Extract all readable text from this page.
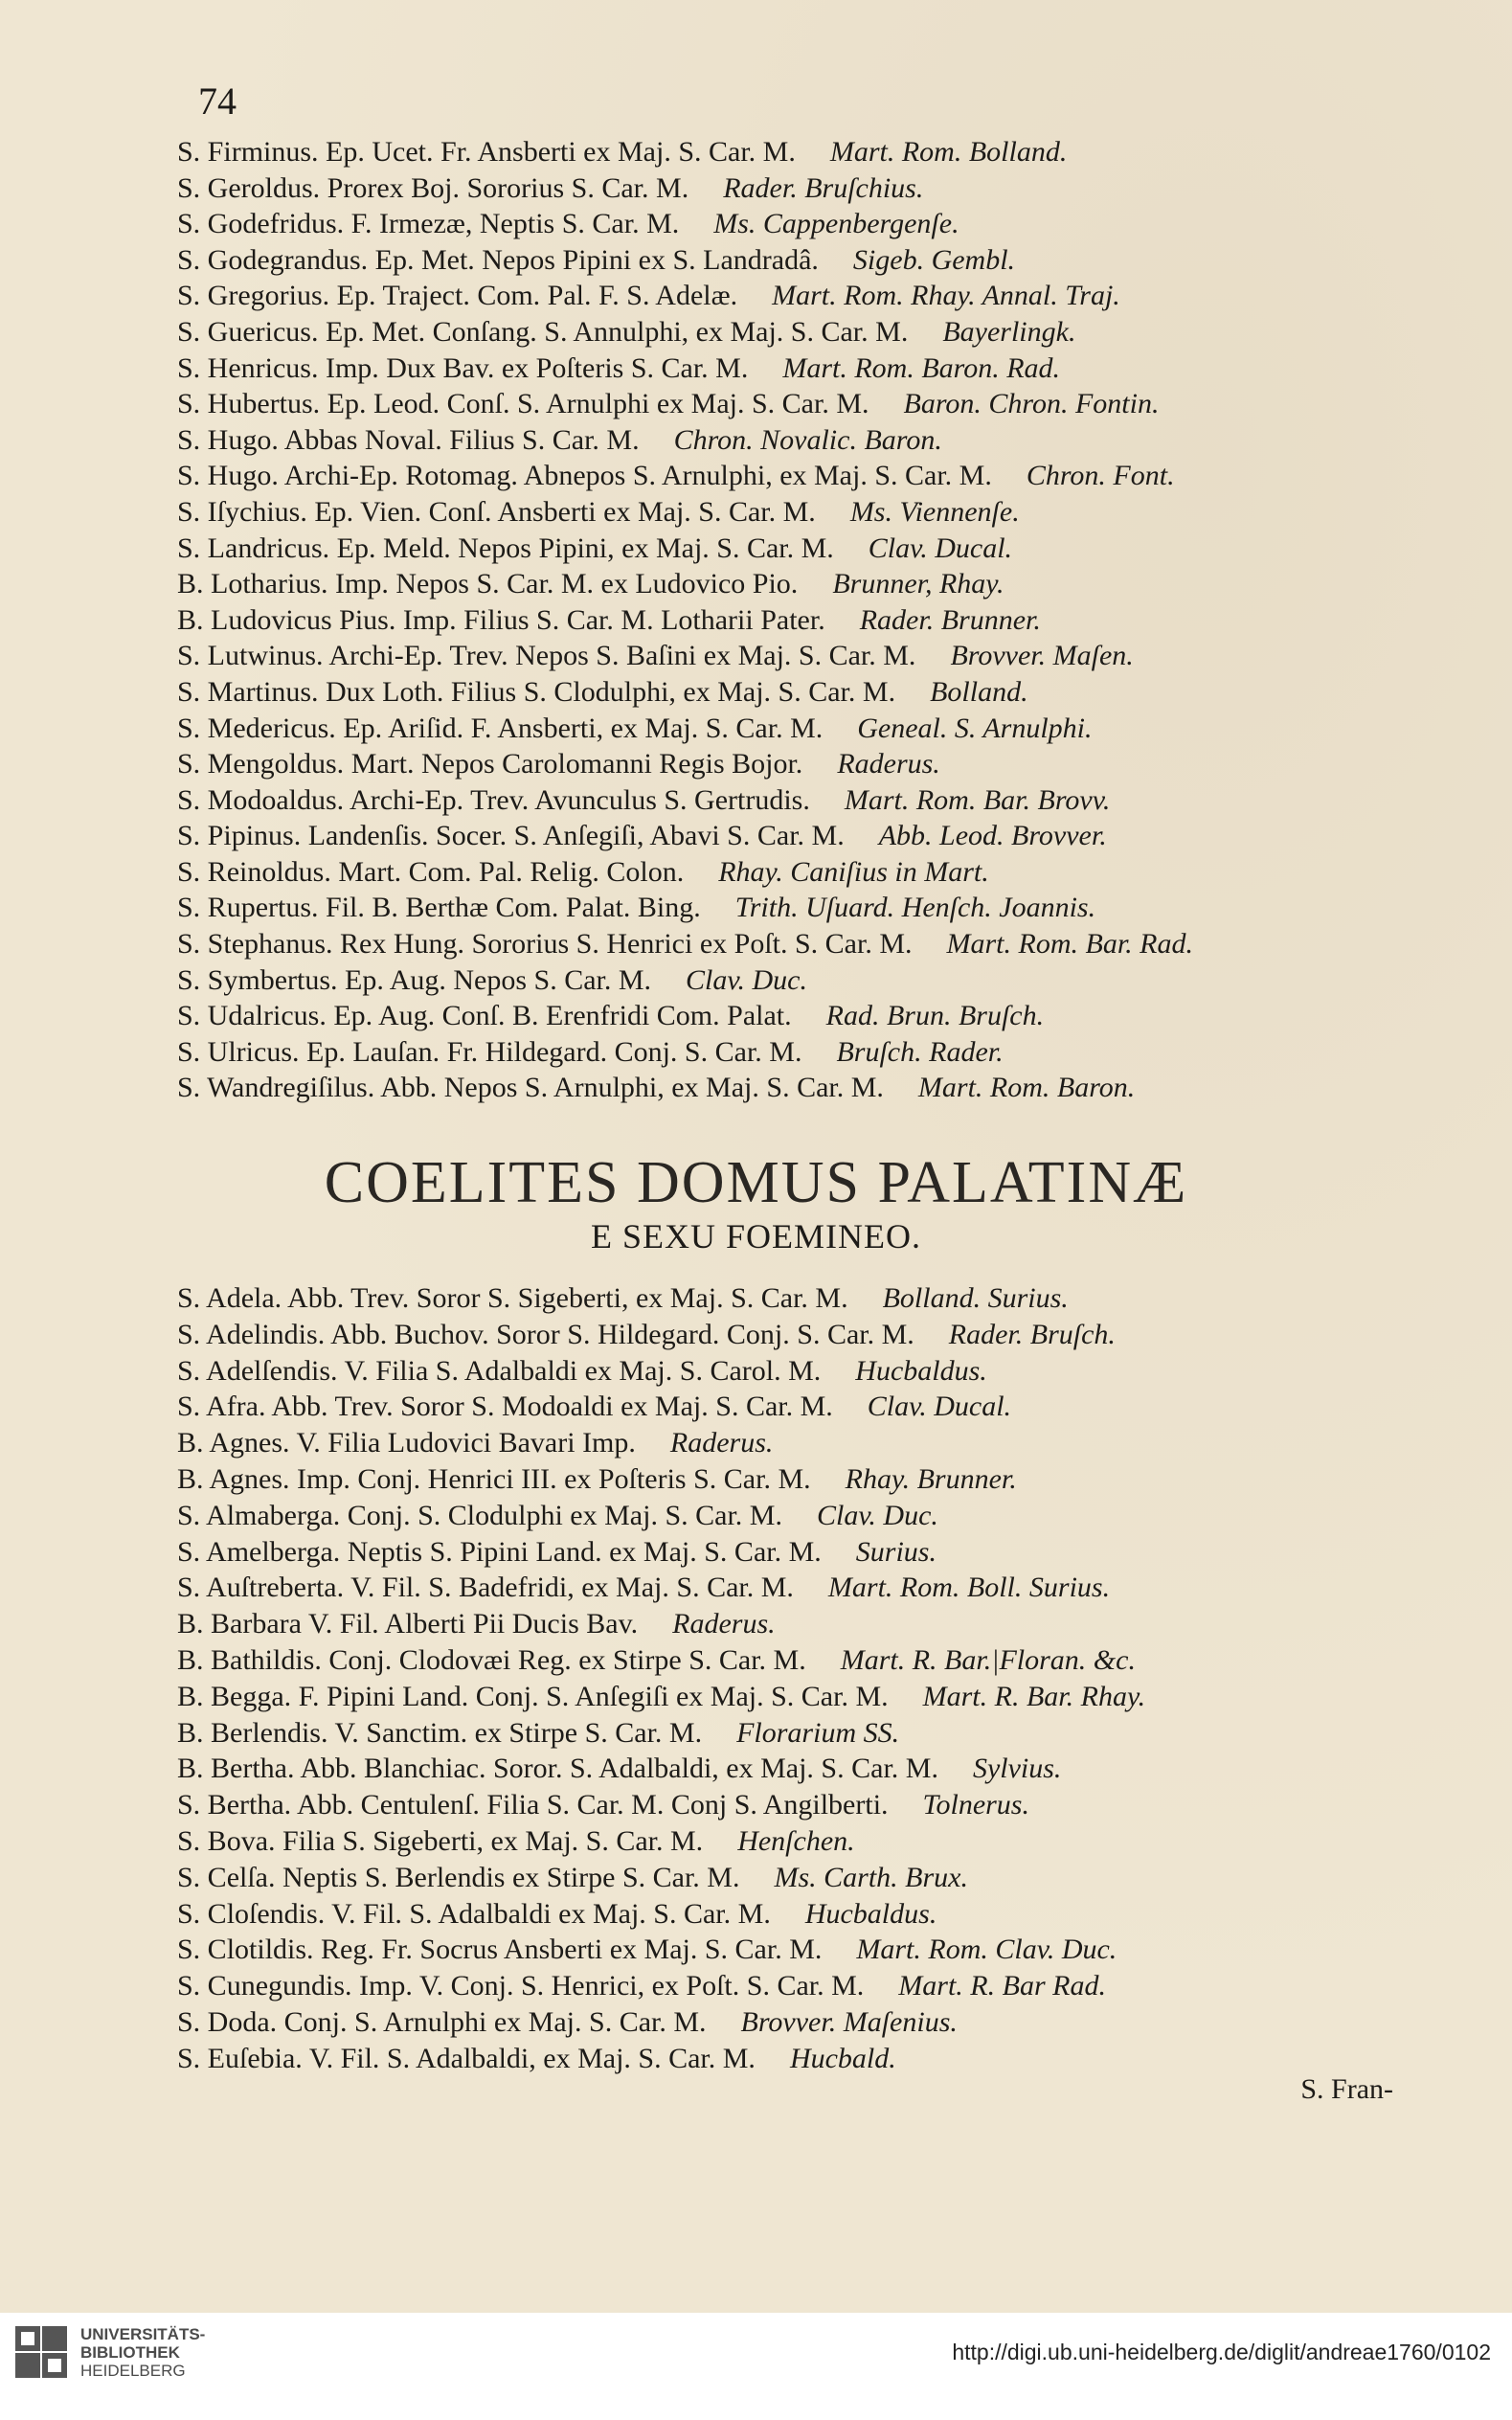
74
S. Firminus. Ep. Ucet. Fr. Ansberti ex Maj. S. Car. M. Mart. Rom. Bolland.
S. Geroldus. Prorex Boj. Sororius S. Car. M. Rader. Bruſchius.
S. Godefridus. F. Irmezæ, Neptis S. Car. M. Ms. Cappenbergenſe.
S. Godegrandus. Ep. Met. Nepos Pipini ex S. Landradâ. Sigeb. Gembl.
S. Gregorius. Ep. Traject. Com. Pal. F. S. Adelæ. Mart. Rom. Rhay. Annal. Traj.
S. Guericus. Ep. Met. Conſang. S. Annulphi, ex Maj. S. Car. M. Bayerlingk.
S. Henricus. Imp. Dux Bav. ex Poſteris S. Car. M. Mart. Rom. Baron. Rad.
S. Hubertus. Ep. Leod. Conſ. S. Arnulphi ex Maj. S. Car. M. Baron. Chron. Fontin.
S. Hugo. Abbas Noval. Filius S. Car. M. Chron. Novalic. Baron.
S. Hugo. Archi-Ep. Rotomag. Abnepos S. Arnulphi, ex Maj. S. Car. M. Chron. Font.
S. Iſychius. Ep. Vien. Conſ. Ansberti ex Maj. S. Car. M. Ms. Viennenſe.
S. Landricus. Ep. Meld. Nepos Pipini, ex Maj. S. Car. M. Clav. Ducal.
B. Lotharius. Imp. Nepos S. Car. M. ex Ludovico Pio. Brunner, Rhay.
B. Ludovicus Pius. Imp. Filius S. Car. M. Lotharii Pater. Rader. Brunner.
S. Lutwinus. Archi-Ep. Trev. Nepos S. Baſini ex Maj. S. Car. M. Brovver. Maſen.
S. Martinus. Dux Loth. Filius S. Clodulphi, ex Maj. S. Car. M. Bolland.
S. Medericus. Ep. Ariſid. F. Ansberti, ex Maj. S. Car. M. Geneal. S. Arnulphi.
S. Mengoldus. Mart. Nepos Carolomanni Regis Bojor. Raderus.
S. Modoaldus. Archi-Ep. Trev. Avunculus S. Gertrudis. Mart. Rom. Bar. Brovv.
S. Pipinus. Landenſis. Socer. S. Anſegiſi, Abavi S. Car. M. Abb. Leod. Brovver.
S. Reinoldus. Mart. Com. Pal. Relig. Colon. Rhay. Caniſius in Mart.
S. Rupertus. Fil. B. Berthæ Com. Palat. Bing. Trith. Uſuard. Henſch. Joannis.
S. Stephanus. Rex Hung. Sororius S. Henrici ex Poſt. S. Car. M. Mart. Rom. Bar. Rad.
S. Symbertus. Ep. Aug. Nepos S. Car. M. Clav. Duc.
S. Udalricus. Ep. Aug. Conſ. B. Erenfridi Com. Palat. Rad. Brun. Bruſch.
S. Ulricus. Ep. Lauſan. Fr. Hildegard. Conj. S. Car. M. Bruſch. Rader.
S. Wandregiſilus. Abb. Nepos S. Arnulphi, ex Maj. S. Car. M. Mart. Rom. Baron.
COELITES DOMUS PALATINÆ
E SEXU FOEMINEO.
S. Adela. Abb. Trev. Soror S. Sigeberti, ex Maj. S. Car. M. Bolland. Surius.
S. Adelindis. Abb. Buchov. Soror S. Hildegard. Conj. S. Car. M. Rader. Bruſch.
S. Adelſendis. V. Filia S. Adalbaldi ex Maj. S. Carol. M. Hucbaldus.
S. Afra. Abb. Trev. Soror S. Modoaldi ex Maj. S. Car. M. Clav. Ducal.
B. Agnes. V. Filia Ludovici Bavari Imp. Raderus.
B. Agnes. Imp. Conj. Henrici III. ex Poſteris S. Car. M. Rhay. Brunner.
S. Almaberga. Conj. S. Clodulphi ex Maj. S. Car. M. Clav. Duc.
S. Amelberga. Neptis S. Pipini Land. ex Maj. S. Car. M. Surius.
S. Auſtreberta. V. Fil. S. Badefridi, ex Maj. S. Car. M. Mart. Rom. Boll. Surius.
B. Barbara V. Fil. Alberti Pii Ducis Bav. Raderus.
B. Bathildis. Conj. Clodovæi Reg. ex Stirpe S. Car. M. Mart. R. Bar.|Floran. &c.
B. Begga. F. Pipini Land. Conj. S. Anſegiſi ex Maj. S. Car. M. Mart. R. Bar. Rhay.
B. Berlendis. V. Sanctim. ex Stirpe S. Car. M. Florarium SS.
B. Bertha. Abb. Blanchiac. Soror. S. Adalbaldi, ex Maj. S. Car. M. Sylvius.
S. Bertha. Abb. Centulenſ. Filia S. Car. M. Conj S. Angilberti. Tolnerus.
S. Bova. Filia S. Sigeberti, ex Maj. S. Car. M. Henſchen.
S. Celſa. Neptis S. Berlendis ex Stirpe S. Car. M. Ms. Carth. Brux.
S. Cloſendis. V. Fil. S. Adalbaldi ex Maj. S. Car. M. Hucbaldus.
S. Clotildis. Reg. Fr. Socrus Ansberti ex Maj. S. Car. M. Mart. Rom. Clav. Duc.
S. Cunegundis. Imp. V. Conj. S. Henrici, ex Poſt. S. Car. M. Mart. R. Bar Rad.
S. Doda. Conj. S. Arnulphi ex Maj. S. Car. M. Brovver. Maſenius.
S. Euſebia. V. Fil. S. Adalbaldi, ex Maj. S. Car. M. Hucbald.
S. Fran-
UNIVERSITÄTS-
BIBLIOTHEK
HEIDELBERG
http://digi.ub.uni-heidelberg.de/diglit/andreae1760/0102
